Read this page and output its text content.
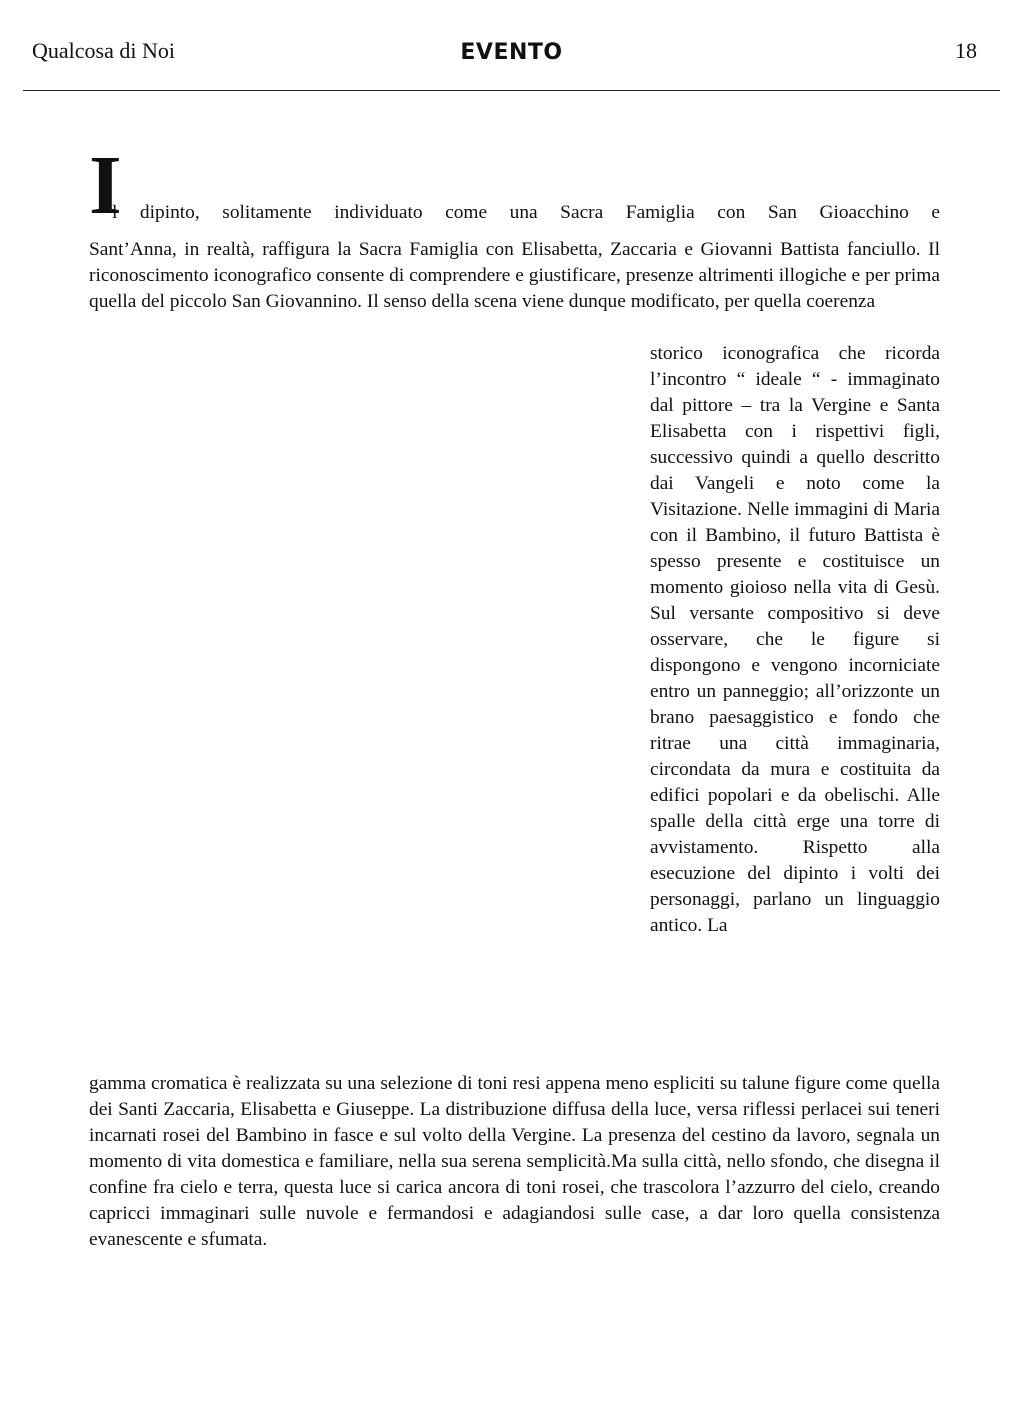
Qualcosa di Noi	EVENTO	18
I
l dipinto, solitamente individuato come una Sacra Famiglia con San Gioacchino e

Sant’Anna, in realtà, raffigura la Sacra Famiglia con Elisabetta, Zaccaria e Giovanni Battista fanciullo. Il riconoscimento iconografico consente di comprendere e giustificare, presenze altrimenti illogiche e per prima quella del piccolo San Giovannino. Il senso della scena viene dunque modificato, per quella coerenza

storico iconografica che ricorda l’incontro “ ideale “ - immaginato dal pittore – tra la Vergine e Santa Elisabetta con i rispettivi figli, successivo quindi a quello descritto dai Vangeli e noto come la Visitazione. Nelle immagini di Maria con il Bambino, il futuro Battista è spesso presente e costituisce un momento gioioso nella vita di Gesù. Sul versante compositivo si deve osservare, che le figure si dispongono e vengono incorniciate entro un panneggio; all’orizzonte un brano paesaggistico e fondo che ritrae una città immaginaria, circondata da mura e costituita da edifici popolari e da obelischi. Alle spalle della città erge una torre di avvistamento. Rispetto alla esecuzione del dipinto i volti dei personaggi, parlano un linguaggio antico. La

gamma cromatica è realizzata su una selezione di toni resi appena meno espliciti su talune figure come quella dei Santi Zaccaria, Elisabetta e Giuseppe. La distribuzione diffusa della luce, versa riflessi perlacei sui teneri incarnati rosei del Bambino in fasce e sul volto della Vergine. La presenza del cestino da lavoro, segnala un momento di vita domestica e familiare, nella sua serena semplicità.Ma sulla città, nello sfondo, che disegna il confine fra cielo e terra, questa luce si carica ancora di toni rosei, che trascolora l’azzurro del cielo, creando capricci immaginari sulle nuvole e fermandosi e adagiandosi sulle case, a dar loro quella consistenza evanescente e sfumata.
